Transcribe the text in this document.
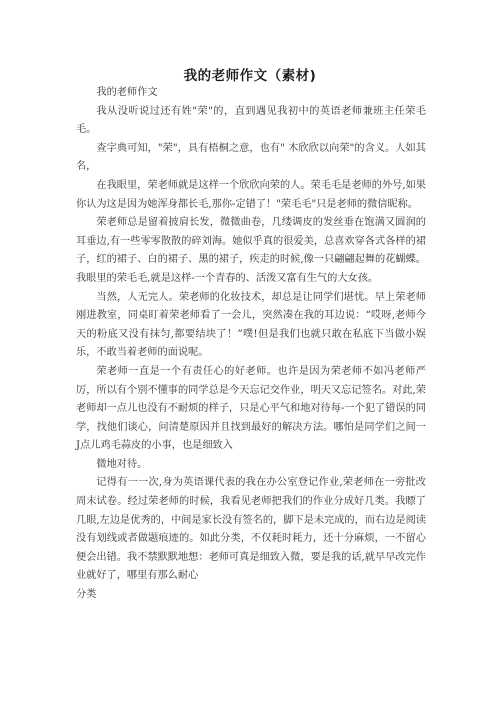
我的老师作文（素材)

我的老师作文

我从没听说过还有姓"荣"的，直到遇见我初中的英语老师兼班主任荣毛毛。

查字典可知，"荣"，具有梧桐之意，也有" 木欣欣以向荣"的含义。人如其名，

在我眼里，荣老师就是这样一个欣欣向荣的人。荣毛毛是老师的外号,如果你认为这是因为她浑身都长毛,那你-定错了！"荣毛毛"只是老师的微信昵称。

荣老师总是留着披肩长发，微微曲卷，几缕调皮的发丝垂在饱满又圆润的耳垂边,有一些零零散散的碎刘海。她似乎真的很爱美，总喜欢穿各式各样的裙子，红的裙子、白的裙子、黑的裙子，疾走的时候,像一只翩翩起舞的花蝴蝶。我眼里的荣毛毛,就是这样-一个青春的、活泼又富有生气的大女孩。

当然，人无完人。荣老师的化妆技术，却总是让同学们堪忧。早上荣老师刚进教室，同桌盯着荣老师看了一会儿，突然凑在我的耳边说：“哎呀,老师今天的粉底又没有抹匀,都要结块了！”噗!但是我们也就只敢在私底下当做小娱乐，不敢当着老师的面说呢。

荣老师一直是一个有责任心的好老师。也许是因为荣老师不如冯老师严厉，所以有个别不懂事的同学总是今天忘记交作业，明天又忘记签名。对此,荣老师却一点儿也没有不耐烦的样子，只是心平气和地对待每-一个犯了错误的同学，找他们谈心，问清楚原因并且找到最好的解决方法。哪怕是同学们之间一J点儿鸡毛蒜皮的小事，也是细致入

微地对待。

记得有一一次,身为英语课代表的我在办公室登记作业,荣老师在一旁批改周末试卷。经过荣老师的时候，我看见老师把我们的作业分成好几类。我瞟了几眼,左边是优秀的，中间是家长没有签名的，脚下是未完成的，而右边是阅读没有划线或者做题痕迹的。如此分类，不仅耗时耗力，还十分麻烦，一不留心便会出错。我不禁默默地想：老师可真是细致入微，要是我的话,就早早改完作业就好了，哪里有那么耐心

分类
